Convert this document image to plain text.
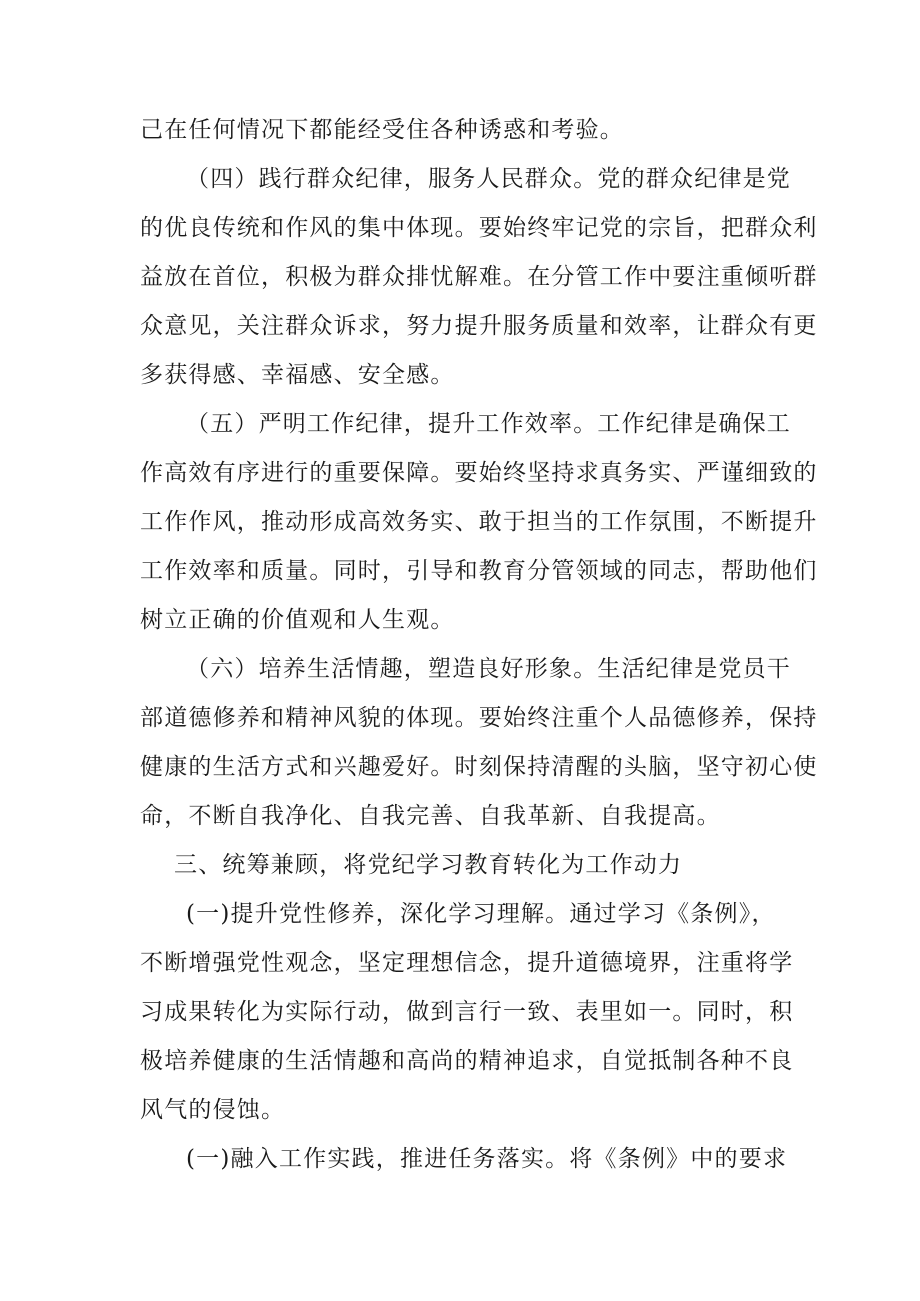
己在任何情况下都能经受住各种诱惑和考验。
（四）践行群众纪律，服务人民群众。党的群众纪律是党
的优良传统和作风的集中体现。要始终牢记党的宗旨，把群众利
益放在首位，积极为群众排忧解难。在分管工作中要注重倾听群
众意见，关注群众诉求，努力提升服务质量和效率，让群众有更
多获得感、幸福感、安全感。
（五）严明工作纪律，提升工作效率。工作纪律是确保工
作高效有序进行的重要保障。要始终坚持求真务实、严谨细致的
工作作风，推动形成高效务实、敢于担当的工作氛围，不断提升
工作效率和质量。同时，引导和教育分管领域的同志，帮助他们
树立正确的价值观和人生观。
（六）培养生活情趣，塑造良好形象。生活纪律是党员干
部道德修养和精神风貌的体现。要始终注重个人品德修养，保持
健康的生活方式和兴趣爱好。时刻保持清醒的头脑，坚守初心使
命，不断自我净化、自我完善、自我革新、自我提高。
三、统筹兼顾，将党纪学习教育转化为工作动力
(一)提升党性修养，深化学习理解。通过学习《条例》，
不断增强党性观念，坚定理想信念，提升道德境界，注重将学
习成果转化为实际行动，做到言行一致、表里如一。同时，积
极培养健康的生活情趣和高尚的精神追求，自觉抵制各种不良
风气的侵蚀。
(一)融入工作实践，推进任务落实。将《条例》中的要求
